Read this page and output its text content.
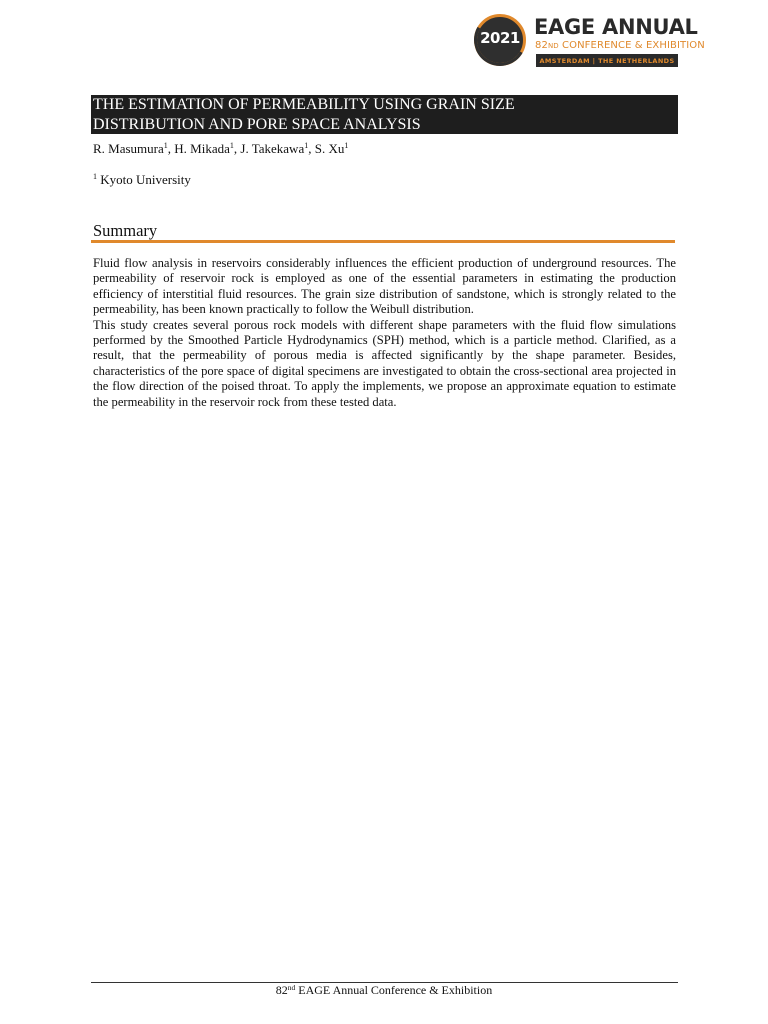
2021 EAGE ANNUAL
82ND CONFERENCE & EXHIBITION
AMSTERDAM | THE NETHERLANDS

THE ESTIMATION OF PERMEABILITY USING GRAIN SIZE

DISTRIBUTION AND PORE SPACE ANALYSIS

R. Masumura$^1$, H. Mikada$^1$, J. Takekawa$^1$, S. Xu$^1$
$^1$ Kyoto University
Summary

Fluid flow analysis in reservoirs considerably influences the efficient production of underground resources. The permeability of reservoir rock is employed as one of the essential parameters in estimating the production efficiency of interstitial fluid resources. The grain size distribution of sandstone, which is strongly related to the permeability, has been known practically to follow the Weibull distribution.

This study creates several porous rock models with different shape parameters with the fluid flow simulations performed by the Smoothed Particle Hydrodynamics (SPH) method, which is a particle method. Clarified, as a result, that the permeability of porous media is affected significantly by the shape parameter. Besides, characteristics of the pore space of digital specimens are investigated to obtain the cross-sectional area projected in the flow direction of the poised throat. To apply the implements, we propose an approximate equation to estimate the permeability in the reservoir rock from these tested data.

82nd EAGE Annual Conference & Exhibition
